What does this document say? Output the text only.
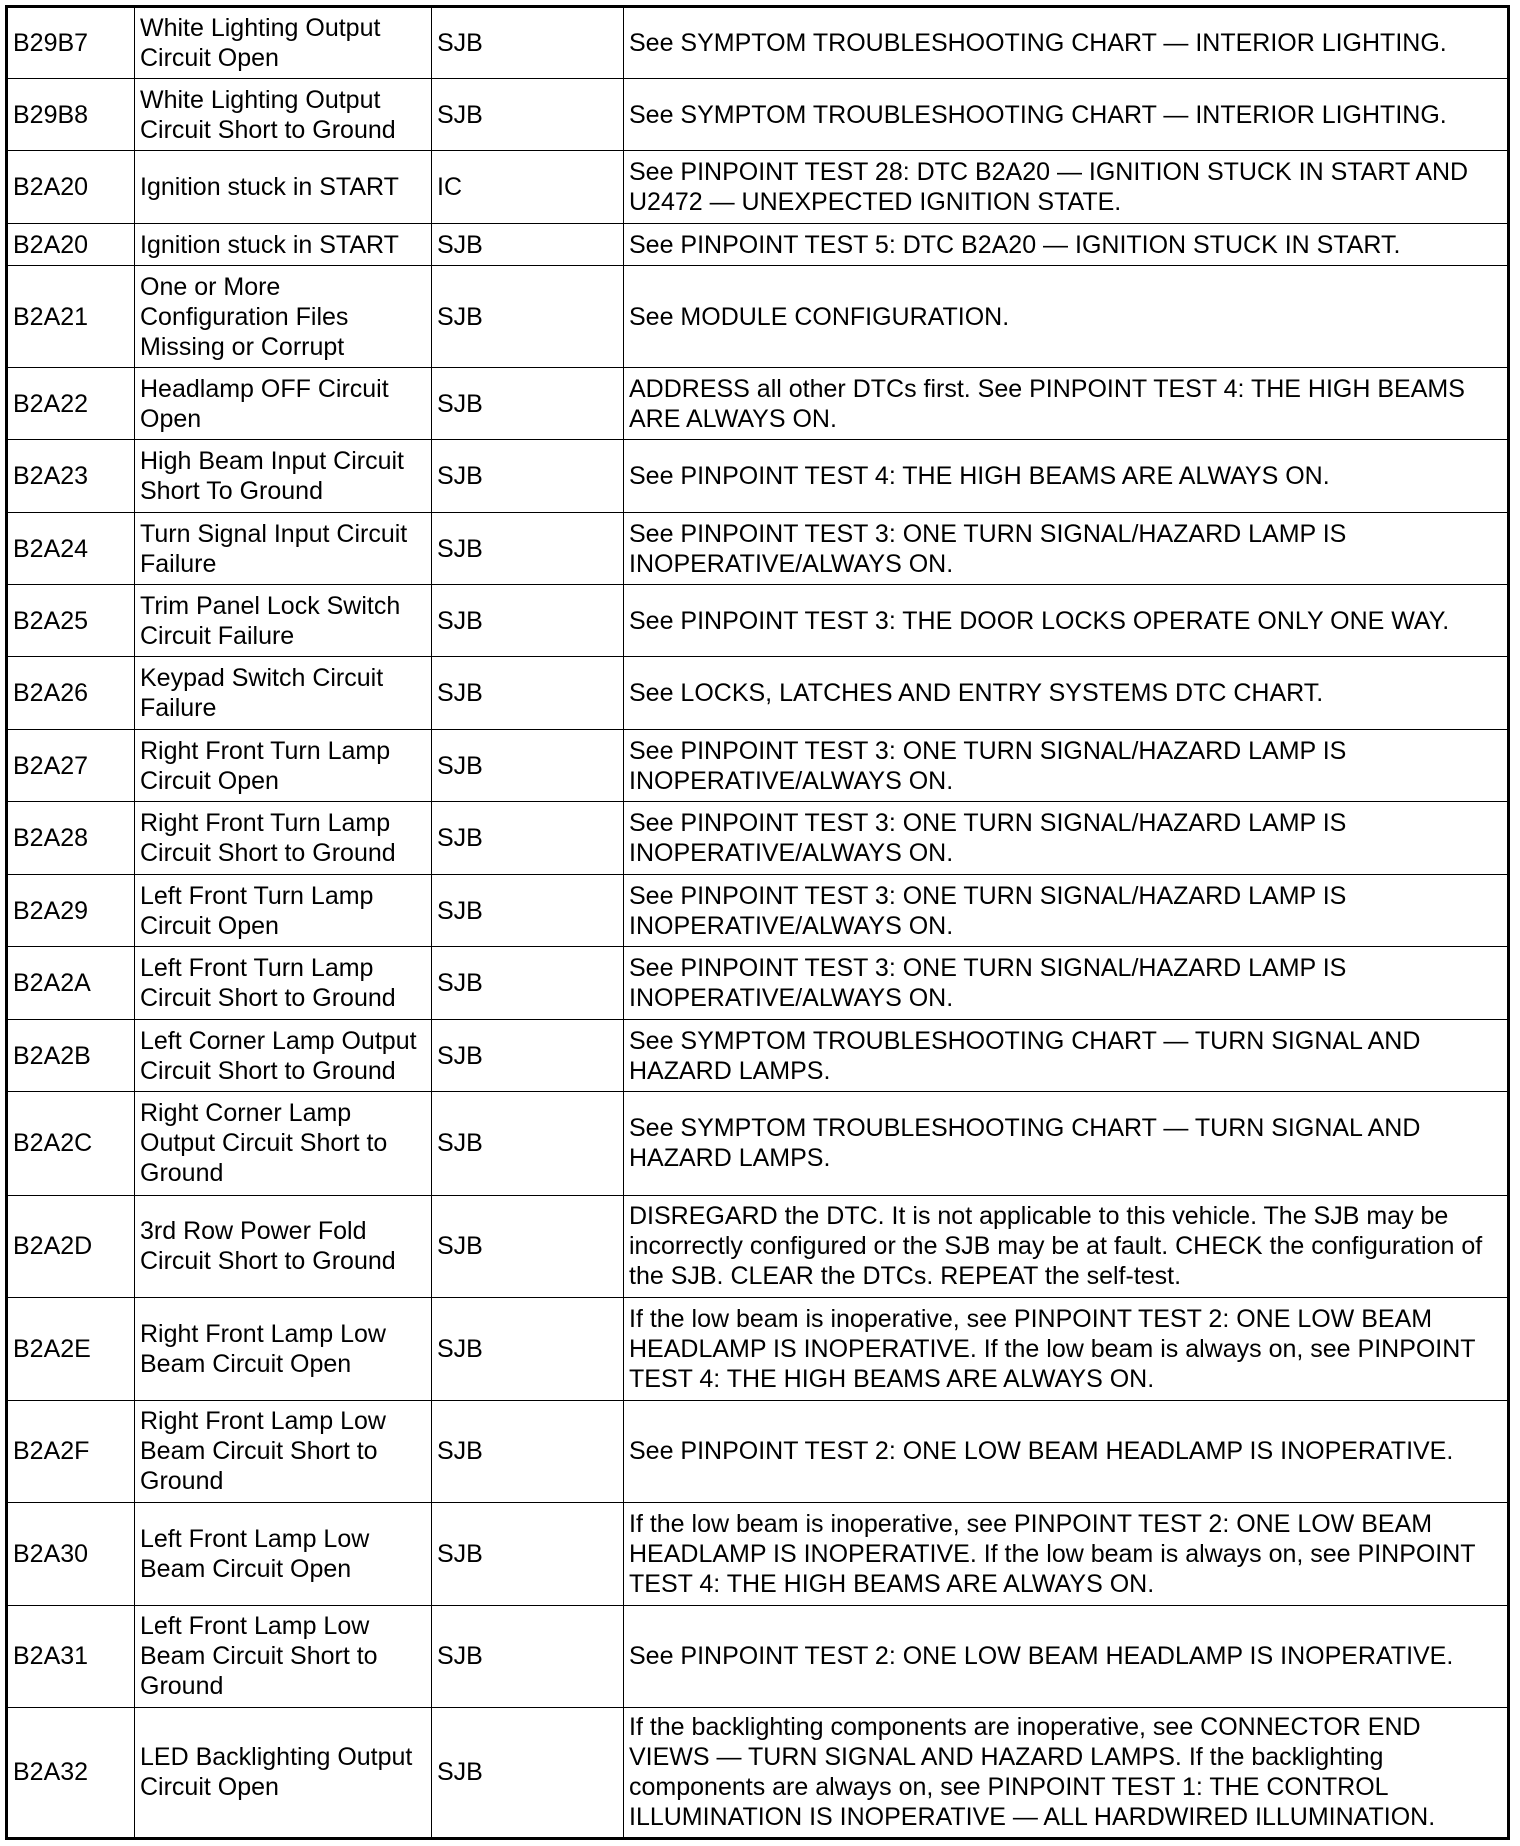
B29B7	White Lighting Output Circuit Open	SJB	See SYMPTOM TROUBLESHOOTING CHART — INTERIOR LIGHTING.
B29B8	White Lighting Output Circuit Short to Ground	SJB	See SYMPTOM TROUBLESHOOTING CHART — INTERIOR LIGHTING.
B2A20	Ignition stuck in START	IC	See PINPOINT TEST 28: DTC B2A20 — IGNITION STUCK IN START AND U2472 — UNEXPECTED IGNITION STATE.
B2A20	Ignition stuck in START	SJB	See PINPOINT TEST 5: DTC B2A20 — IGNITION STUCK IN START.
B2A21	One or More Configuration Files Missing or Corrupt	SJB	See MODULE CONFIGURATION.
B2A22	Headlamp OFF Circuit Open	SJB	ADDRESS all other DTCs first. See PINPOINT TEST 4: THE HIGH BEAMS ARE ALWAYS ON.
B2A23	High Beam Input Circuit Short To Ground	SJB	See PINPOINT TEST 4: THE HIGH BEAMS ARE ALWAYS ON.
B2A24	Turn Signal Input Circuit Failure	SJB	See PINPOINT TEST 3: ONE TURN SIGNAL/HAZARD LAMP IS INOPERATIVE/ALWAYS ON.
B2A25	Trim Panel Lock Switch Circuit Failure	SJB	See PINPOINT TEST 3: THE DOOR LOCKS OPERATE ONLY ONE WAY.
B2A26	Keypad Switch Circuit Failure	SJB	See LOCKS, LATCHES AND ENTRY SYSTEMS DTC CHART.
B2A27	Right Front Turn Lamp Circuit Open	SJB	See PINPOINT TEST 3: ONE TURN SIGNAL/HAZARD LAMP IS INOPERATIVE/ALWAYS ON.
B2A28	Right Front Turn Lamp Circuit Short to Ground	SJB	See PINPOINT TEST 3: ONE TURN SIGNAL/HAZARD LAMP IS INOPERATIVE/ALWAYS ON.
B2A29	Left Front Turn Lamp Circuit Open	SJB	See PINPOINT TEST 3: ONE TURN SIGNAL/HAZARD LAMP IS INOPERATIVE/ALWAYS ON.
B2A2A	Left Front Turn Lamp Circuit Short to Ground	SJB	See PINPOINT TEST 3: ONE TURN SIGNAL/HAZARD LAMP IS INOPERATIVE/ALWAYS ON.
B2A2B	Left Corner Lamp Output Circuit Short to Ground	SJB	See SYMPTOM TROUBLESHOOTING CHART — TURN SIGNAL AND HAZARD LAMPS.
B2A2C	Right Corner Lamp Output Circuit Short to Ground	SJB	See SYMPTOM TROUBLESHOOTING CHART — TURN SIGNAL AND HAZARD LAMPS.
B2A2D	3rd Row Power Fold Circuit Short to Ground	SJB	DISREGARD the DTC. It is not applicable to this vehicle. The SJB may be incorrectly configured or the SJB may be at fault. CHECK the configuration of the SJB. CLEAR the DTCs. REPEAT the self-test.
B2A2E	Right Front Lamp Low Beam Circuit Open	SJB	If the low beam is inoperative, see PINPOINT TEST 2: ONE LOW BEAM HEADLAMP IS INOPERATIVE. If the low beam is always on, see PINPOINT TEST 4: THE HIGH BEAMS ARE ALWAYS ON.
B2A2F	Right Front Lamp Low Beam Circuit Short to Ground	SJB	See PINPOINT TEST 2: ONE LOW BEAM HEADLAMP IS INOPERATIVE.
B2A30	Left Front Lamp Low Beam Circuit Open	SJB	If the low beam is inoperative, see PINPOINT TEST 2: ONE LOW BEAM HEADLAMP IS INOPERATIVE. If the low beam is always on, see PINPOINT TEST 4: THE HIGH BEAMS ARE ALWAYS ON.
B2A31	Left Front Lamp Low Beam Circuit Short to Ground	SJB	See PINPOINT TEST 2: ONE LOW BEAM HEADLAMP IS INOPERATIVE.
B2A32	LED Backlighting Output Circuit Open	SJB	If the backlighting components are inoperative, see CONNECTOR END VIEWS — TURN SIGNAL AND HAZARD LAMPS. If the backlighting components are always on, see PINPOINT TEST 1: THE CONTROL ILLUMINATION IS INOPERATIVE — ALL HARDWIRED ILLUMINATION.
